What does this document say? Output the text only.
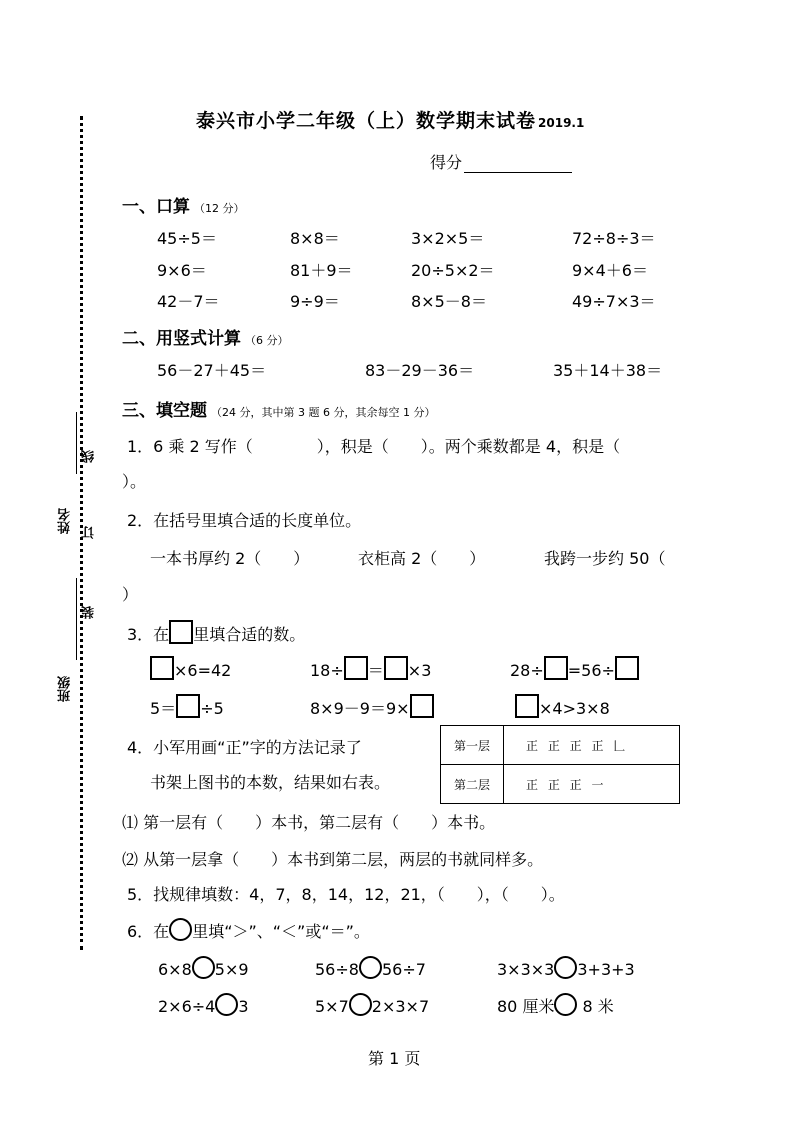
线
姓名 订
装
班级
泰兴市小学二年级（上）数学期末试卷 2019.1
得分
一、口算 （12 分）
45÷5＝	8×8＝	3×2×5＝	72÷8÷3＝
9×6＝	81＋9＝	20÷5×2＝	9×4＋6＝
42－7＝	9÷9＝	8×5－8＝	49÷7×3＝
二、用竖式计算 （6 分）
56－27＋45＝	83－29－36＝	35＋14＋38＝
三、填空题 （24 分，其中第 3 题 6 分，其余每空 1 分）
1．6 乘 2 写作（　　　　），积是（　　）。两个乘数都是 4，积是（
）。
2．在括号里填合适的长度单位。
一本书厚约 2（　　）	衣柜高 2（　　）	我跨一步约 50（
）
3．在 里填合适的数。
×6=42	18÷ ＝ ×3	28÷ =56÷
5＝ ÷5	8×9－9＝9×	×4>3×8
4．小军用画“正”字的方法记录了
书架上图书的本数，结果如右表。
第一层	正 正 正 正 𠃊
第二层	正 正 正 一
⑴ 第一层有（　　）本书，第二层有（　　）本书。
⑵ 从第一层拿（　　）本书到第二层，两层的书就同样多。
5．找规律填数：4，7，8，14，12，21，（　　），（　　）。
6．在 里填“＞”、“＜”或“＝”。
6×8 5×9	56÷8 56÷7	3×3×3 3+3+3
2×6÷4 3	5×7 2×3×7	80 厘米 8 米
第 1 页
